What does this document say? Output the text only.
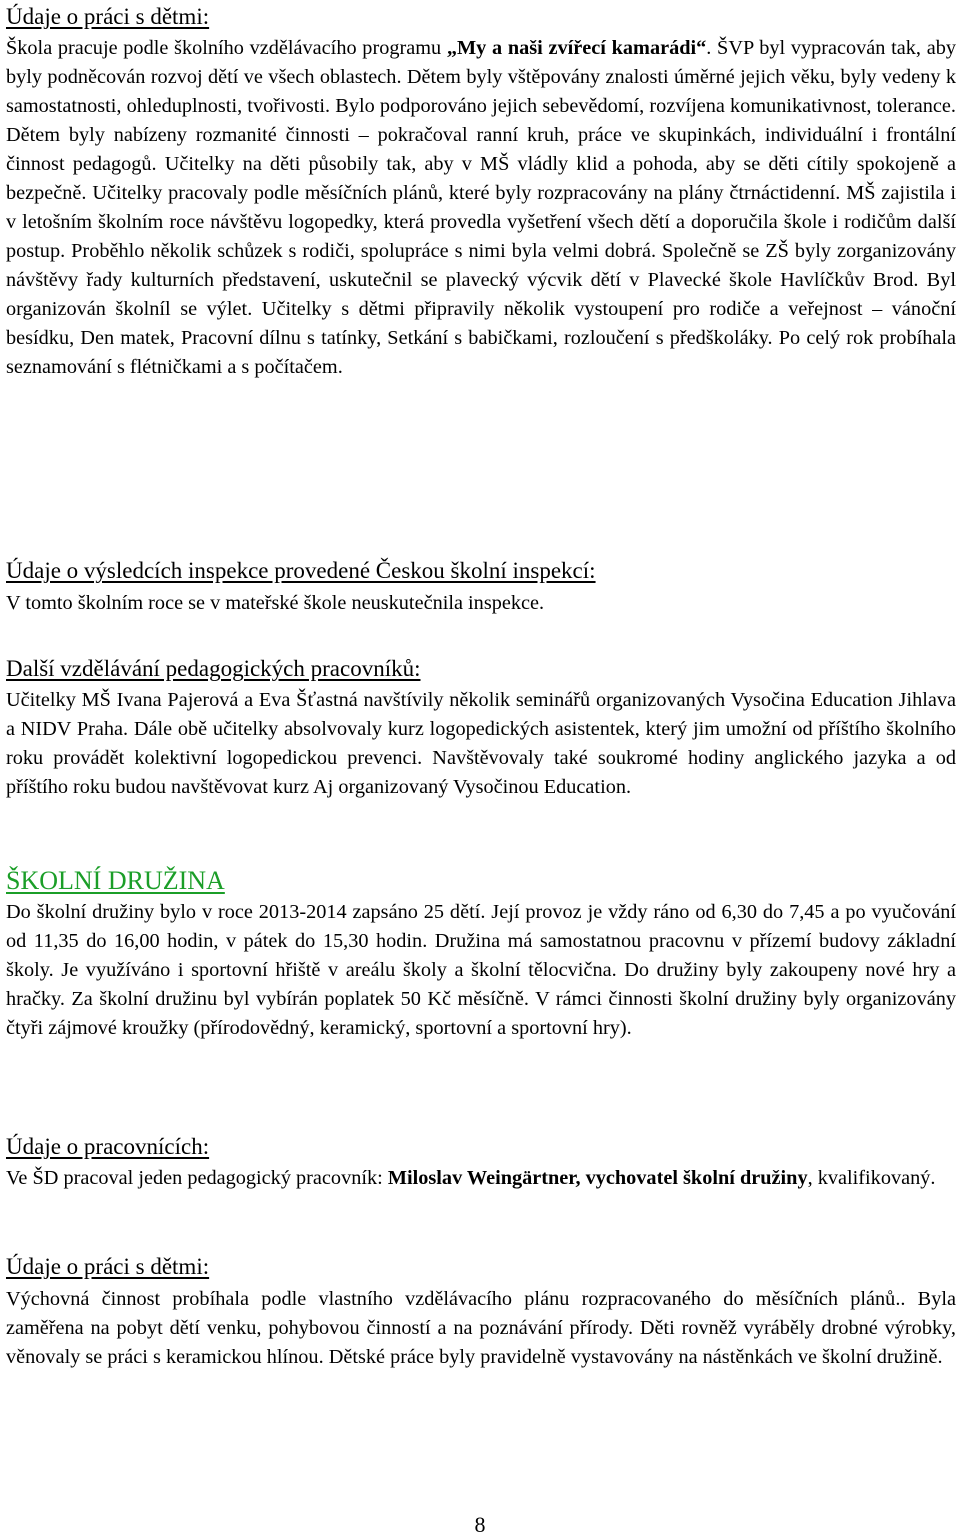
Údaje o práci s dětmi:
Škola pracuje podle školního vzdělávacího programu „My a naši zvířecí kamarádi“. ŠVP byl vypracován tak, aby byly podněcován rozvoj dětí ve všech oblastech. Dětem byly vštěpovány znalosti úměrné jejich věku, byly vedeny k samostatnosti, ohleduplnosti, tvořivosti. Bylo podporováno jejich sebevědomí, rozvíjena komunikativnost, tolerance. Dětem byly nabízeny rozmanité činnosti – pokračoval ranní kruh, práce ve skupinkách, individuální i frontální činnost pedagogů. Učitelky na děti působily tak, aby v MŠ vládly klid a pohoda, aby se děti cítily spokojeně a bezpečně. Učitelky pracovaly podle měsíčních plánů, které byly rozpracovány na plány čtrnáctidenní. MŠ zajistila i v letošním školním roce návštěvu logopedky, která provedla vyšetření všech dětí a doporučila škole i rodičům další postup. Proběhlo několik schůzek s rodiči, spolupráce s nimi byla velmi dobrá. Společně se ZŠ byly zorganizovány návštěvy řady kulturních představení, uskutečnil se plavecký výcvik dětí v Plavecké škole Havlíčkův Brod. Byl organizován školníl se výlet. Učitelky s dětmi připravily několik vystoupení pro rodiče a veřejnost – vánoční besídku, Den matek, Pracovní dílnu s tatínky, Setkání s babičkami, rozloučení s předškoláky. Po celý rok probíhala seznamování s flétničkami a s počítačem.
Údaje o výsledcích inspekce provedené Českou školní inspekcí:
V tomto školním roce se v mateřské škole neuskutečnila inspekce.
Další vzdělávání pedagogických pracovníků:
Učitelky MŠ Ivana Pajerová a Eva Šťastná navštívily několik seminářů organizovaných Vysočina Education Jihlava a NIDV Praha. Dále obě učitelky absolvovaly kurz logopedických asistentek, který jim umožní od příštího školního roku provádět kolektivní logopedickou prevenci. Navštěvovaly také soukromé hodiny anglického jazyka a od příštího roku budou navštěvovat kurz Aj organizovaný Vysočinou Education.
ŠKOLNÍ DRUŽINA
Do školní družiny bylo v roce 2013-2014 zapsáno 25 dětí. Její provoz je vždy ráno od 6,30 do 7,45 a po vyučování od 11,35 do 16,00 hodin, v pátek do 15,30 hodin. Družina má samostatnou pracovnu v přízemí budovy základní školy. Je využíváno i sportovní hřiště v areálu školy a školní tělocvična. Do družiny byly zakoupeny nové hry a hračky. Za školní družinu byl vybírán poplatek 50 Kč měsíčně. V rámci činnosti školní družiny byly organizovány čtyři zájmové kroužky (přírodovědný, keramický, sportovní a sportovní hry).
Údaje o pracovnících:
Ve ŠD pracoval jeden pedagogický pracovník: Miloslav Weingärtner, vychovatel školní družiny, kvalifikovaný.
Údaje o práci s dětmi:
Výchovná činnost probíhala podle vlastního vzdělávacího plánu rozpracovaného do měsíčních plánů.. Byla zaměřena na pobyt dětí venku, pohybovou činností a na poznávání přírody. Děti rovněž vyráběly drobné výrobky, věnovaly se práci s keramickou hlínou. Dětské práce byly pravidelně vystavovány na nástěnkách ve školní družině.
8
